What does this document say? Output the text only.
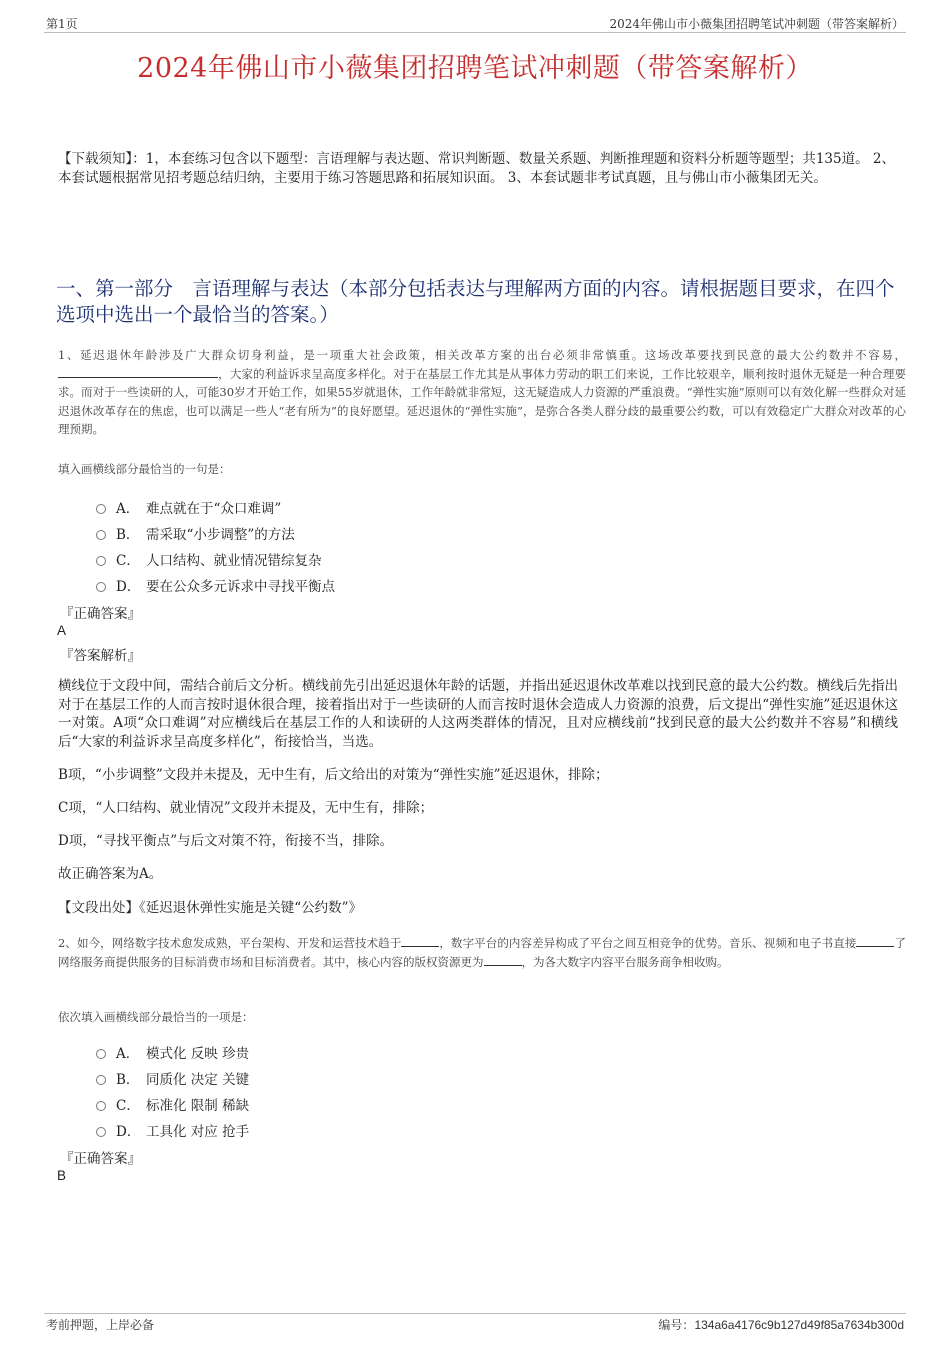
第1页	2024年佛山市小薇集团招聘笔试冲刺题（带答案解析）
2024年佛山市小薇集团招聘笔试冲刺题（带答案解析）
【下载须知】：1，本套练习包含以下题型：言语理解与表达题、常识判断题、数量关系题、判断推理题和资料分析题等题型；共135道。 2、本套试题根据常见招考题总结归纳，主要用于练习答题思路和拓展知识面。 3、本套试题非考试真题，且与佛山市小薇集团无关。
一、第一部分　言语理解与表达（本部分包括表达与理解两方面的内容。请根据题目要求，在四个选项中选出一个最恰当的答案。）
1、延迟退休年龄涉及广大群众切身利益，是一项重大社会政策，相关改革方案的出台必须非常慎重。这场改革要找到民意的最大公约数并不容易，，大家的利益诉求呈高度多样化。对于在基层工作尤其是从事体力劳动的职工们来说，工作比较艰辛，顺利按时退休无疑是一种合理要求。而对于一些读研的人，可能30岁才开始工作，如果55岁就退休，工作年龄就非常短，这无疑造成人力资源的严重浪费。“弹性实施”原则可以有效化解一些群众对延迟退休改革存在的焦虑，也可以满足一些人“老有所为”的良好愿望。延迟退休的“弹性实施”，是弥合各类人群分歧的最重要公约数，可以有效稳定广大群众对改革的心理预期。
填入画横线部分最恰当的一句是：
A． 难点就在于“众口难调”
B． 需采取“小步调整”的方法
C． 人口结构、就业情况错综复杂
D． 要在公众多元诉求中寻找平衡点
『正确答案』
A
『答案解析』
横线位于文段中间，需结合前后文分析。横线前先引出延迟退休年龄的话题，并指出延迟退休改革难以找到民意的最大公约数。横线后先指出对于在基层工作的人而言按时退休很合理，接着指出对于一些读研的人而言按时退休会造成人力资源的浪费，后文提出“弹性实施”延迟退休这一对策。A项“众口难调”对应横线后在基层工作的人和读研的人这两类群体的情况，且对应横线前“找到民意的最大公约数并不容易”和横线后“大家的利益诉求呈高度多样化”，衔接恰当，当选。
B项，“小步调整”文段并未提及，无中生有，后文给出的对策为“弹性实施”延迟退休，排除；
C项，“人口结构、就业情况”文段并未提及，无中生有，排除；
D项，“寻找平衡点”与后文对策不符，衔接不当，排除。
故正确答案为A。
【文段出处】《延迟退休弹性实施是关键“公约数”》
2、如今，网络数字技术愈发成熟，平台架构、开发和运营技术趋于	，数字平台的内容差异构成了平台之间互相竞争的优势。音乐、视频和电子书直接	了网络服务商提供服务的目标消费市场和目标消费者。其中，核心内容的版权资源更为	，为各大数字内容平台服务商争相收购。
依次填入画横线部分最恰当的一项是：
A． 模式化 反映 珍贵
B． 同质化 决定 关键
C． 标准化 限制 稀缺
D． 工具化 对应 抢手
『正确答案』
B
考前押题，上岸必备	编号：134a6a4176c9b127d49f85a7634b300d
